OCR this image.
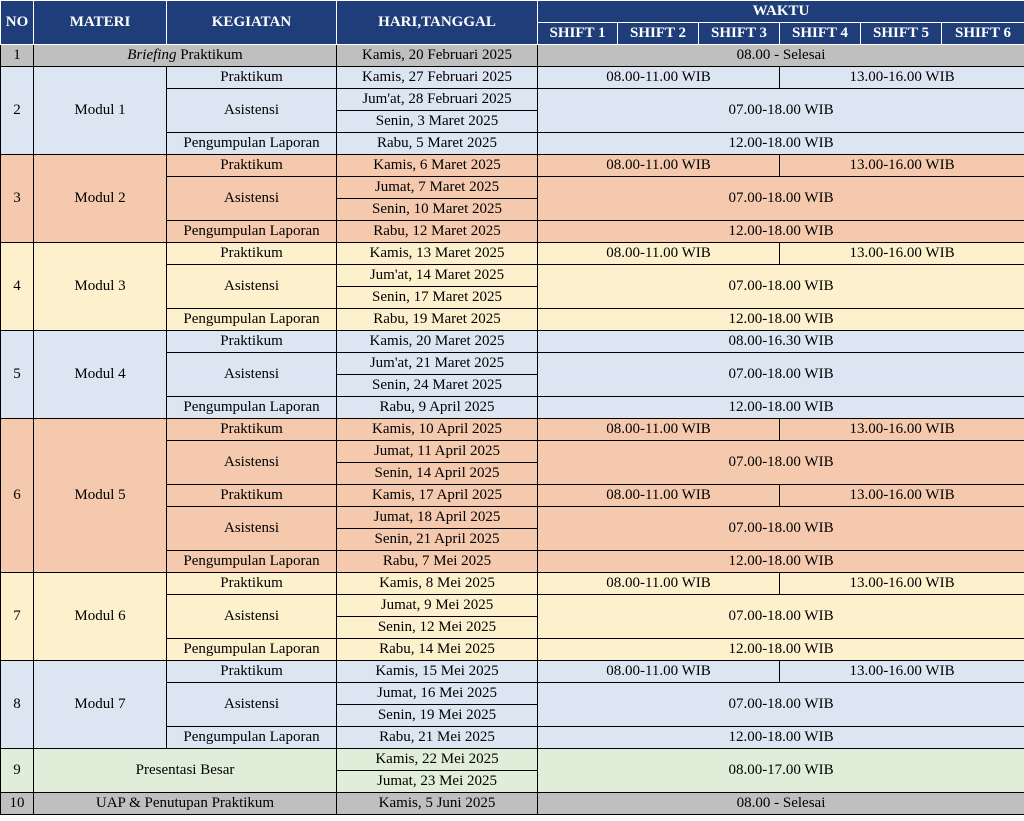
NO	MATERI	KEGIATAN	HARI,TANGGAL	WAKTU					
				SHIFT 1	SHIFT 2	SHIFT 3	SHIFT 4	SHIFT 5	SHIFT 6
1	Briefing Praktikum		Kamis, 20 Februari 2025	08.00 - Selesai					
2	Modul 1	Praktikum	Kamis, 27 Februari 2025	08.00-11.00 WIB			13.00-16.00 WIB		
		Asistensi	Jum'at, 28 Februari 2025	07.00-18.00 WIB					
			Senin, 3 Maret 2025						
		Pengumpulan Laporan	Rabu, 5 Maret 2025	12.00-18.00 WIB					
3	Modul 2	Praktikum	Kamis, 6 Maret 2025	08.00-11.00 WIB			13.00-16.00 WIB		
		Asistensi	Jumat, 7 Maret 2025	07.00-18.00 WIB					
			Senin, 10 Maret 2025						
		Pengumpulan Laporan	Rabu, 12 Maret 2025	12.00-18.00 WIB					
4	Modul 3	Praktikum	Kamis, 13 Maret 2025	08.00-11.00 WIB			13.00-16.00 WIB		
		Asistensi	Jum'at, 14 Maret 2025	07.00-18.00 WIB					
			Senin, 17 Maret 2025						
		Pengumpulan Laporan	Rabu, 19 Maret 2025	12.00-18.00 WIB					
5	Modul 4	Praktikum	Kamis, 20 Maret 2025	08.00-16.30 WIB					
		Asistensi	Jum'at, 21 Maret 2025	07.00-18.00 WIB					
			Senin, 24 Maret 2025						
		Pengumpulan Laporan	Rabu, 9 April 2025	12.00-18.00 WIB					
6	Modul 5	Praktikum	Kamis, 10 April 2025	08.00-11.00 WIB			13.00-16.00 WIB		
		Asistensi	Jumat, 11 April 2025	07.00-18.00 WIB					
			Senin, 14 April 2025						
		Praktikum	Kamis, 17 April 2025	08.00-11.00 WIB			13.00-16.00 WIB		
		Asistensi	Jumat, 18 April 2025	07.00-18.00 WIB					
			Senin, 21 April 2025						
		Pengumpulan Laporan	Rabu, 7 Mei 2025	12.00-18.00 WIB					
7	Modul 6	Praktikum	Kamis, 8 Mei 2025	08.00-11.00 WIB			13.00-16.00 WIB		
		Asistensi	Jumat, 9 Mei 2025	07.00-18.00 WIB					
			Senin, 12 Mei 2025						
		Pengumpulan Laporan	Rabu, 14 Mei 2025	12.00-18.00 WIB					
8	Modul 7	Praktikum	Kamis, 15 Mei 2025	08.00-11.00 WIB			13.00-16.00 WIB		
		Asistensi	Jumat, 16 Mei 2025	07.00-18.00 WIB					
			Senin, 19 Mei 2025						
		Pengumpulan Laporan	Rabu, 21 Mei 2025	12.00-18.00 WIB					
9	Presentasi Besar		Kamis, 22 Mei 2025	08.00-17.00 WIB					
			Jumat, 23 Mei 2025						
10	UAP & Penutupan Praktikum		Kamis, 5 Juni 2025	08.00 - Selesai					
